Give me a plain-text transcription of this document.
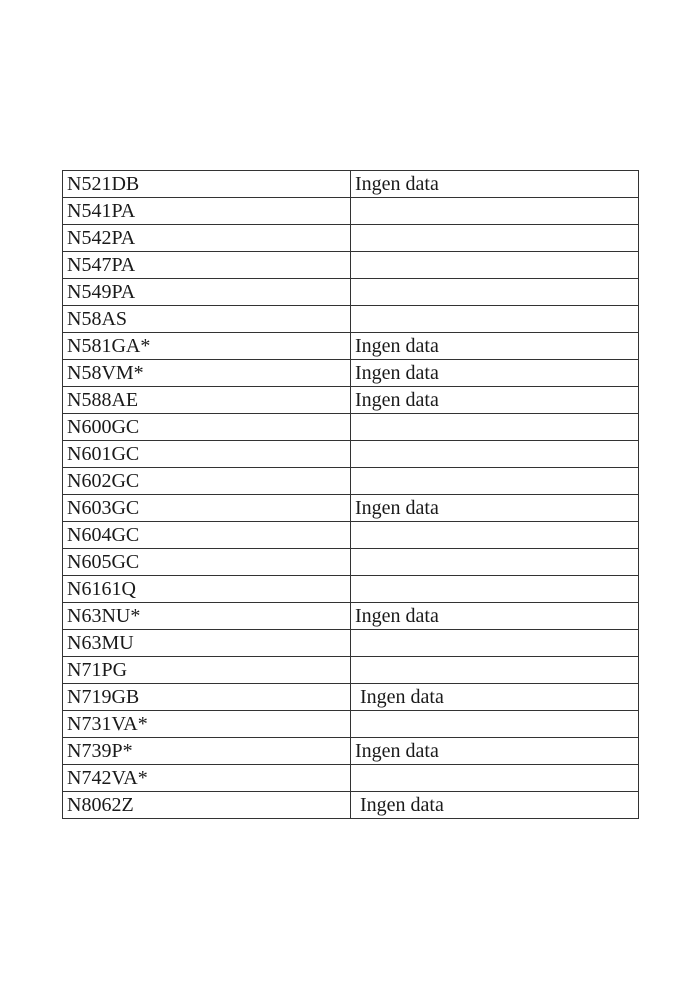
N521DB	Ingen data
N541PA	
N542PA	
N547PA	
N549PA	
N58AS	
N581GA*	Ingen data
N58VM*	Ingen data
N588AE	Ingen data
N600GC	
N601GC	
N602GC	
N603GC	Ingen data
N604GC	
N605GC	
N6161Q	
N63NU*	Ingen data
N63MU	
N71PG	
N719GB	Ingen data
N731VA*	
N739P*	Ingen data
N742VA*	
N8062Z	Ingen data
